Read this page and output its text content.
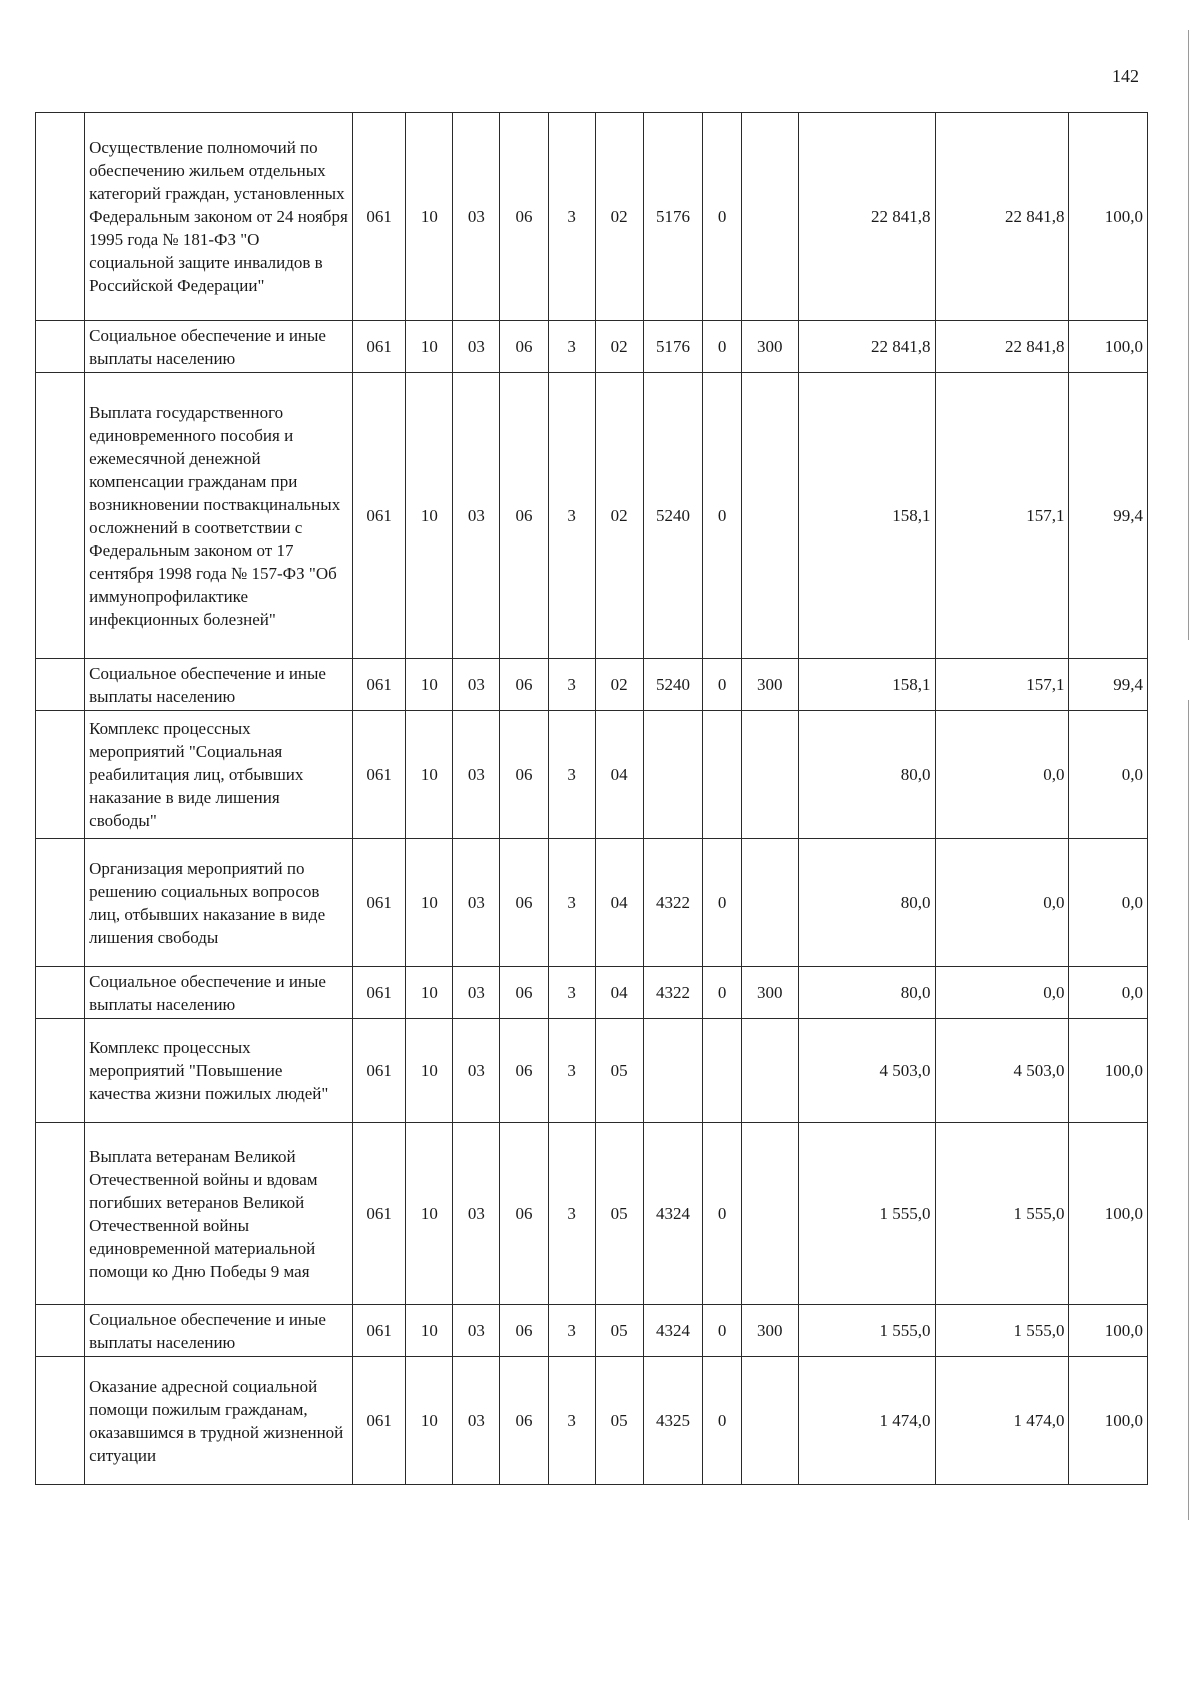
142
	Осуществление полномочий по обеспечению жильем отдельных категорий граждан, установленных Федеральным законом от 24 ноября 1995 года № 181-ФЗ "О социальной защите инвалидов в Российской Федерации"	061	10	03	06	3	02	5176	0		22 841,8	22 841,8	100,0
	Социальное обеспечение и иные выплаты населению	061	10	03	06	3	02	5176	0	300	22 841,8	22 841,8	100,0
	Выплата государственного единовременного пособия и ежемесячной денежной компенсации гражданам при возникновении поствакцинальных осложнений в соответствии с Федеральным законом от 17 сентября 1998 года № 157-ФЗ "Об иммунопрофилактике инфекционных болезней"	061	10	03	06	3	02	5240	0		158,1	157,1	99,4
	Социальное обеспечение и иные выплаты населению	061	10	03	06	3	02	5240	0	300	158,1	157,1	99,4
	Комплекс процессных мероприятий "Социальная реабилитация лиц, отбывших наказание в виде лишения свободы"	061	10	03	06	3	04				80,0	0,0	0,0
	Организация мероприятий по решению социальных вопросов лиц, отбывших наказание в виде лишения свободы	061	10	03	06	3	04	4322	0		80,0	0,0	0,0
	Социальное обеспечение и иные выплаты населению	061	10	03	06	3	04	4322	0	300	80,0	0,0	0,0
	Комплекс процессных мероприятий "Повышение качества жизни пожилых людей"	061	10	03	06	3	05				4 503,0	4 503,0	100,0
	Выплата ветеранам Великой Отечественной войны и вдовам погибших ветеранов Великой Отечественной войны единовременной материальной помощи ко Дню Победы 9 мая	061	10	03	06	3	05	4324	0		1 555,0	1 555,0	100,0
	Социальное обеспечение и иные выплаты населению	061	10	03	06	3	05	4324	0	300	1 555,0	1 555,0	100,0
	Оказание адресной социальной помощи пожилым гражданам, оказавшимся в трудной жизненной ситуации	061	10	03	06	3	05	4325	0		1 474,0	1 474,0	100,0
